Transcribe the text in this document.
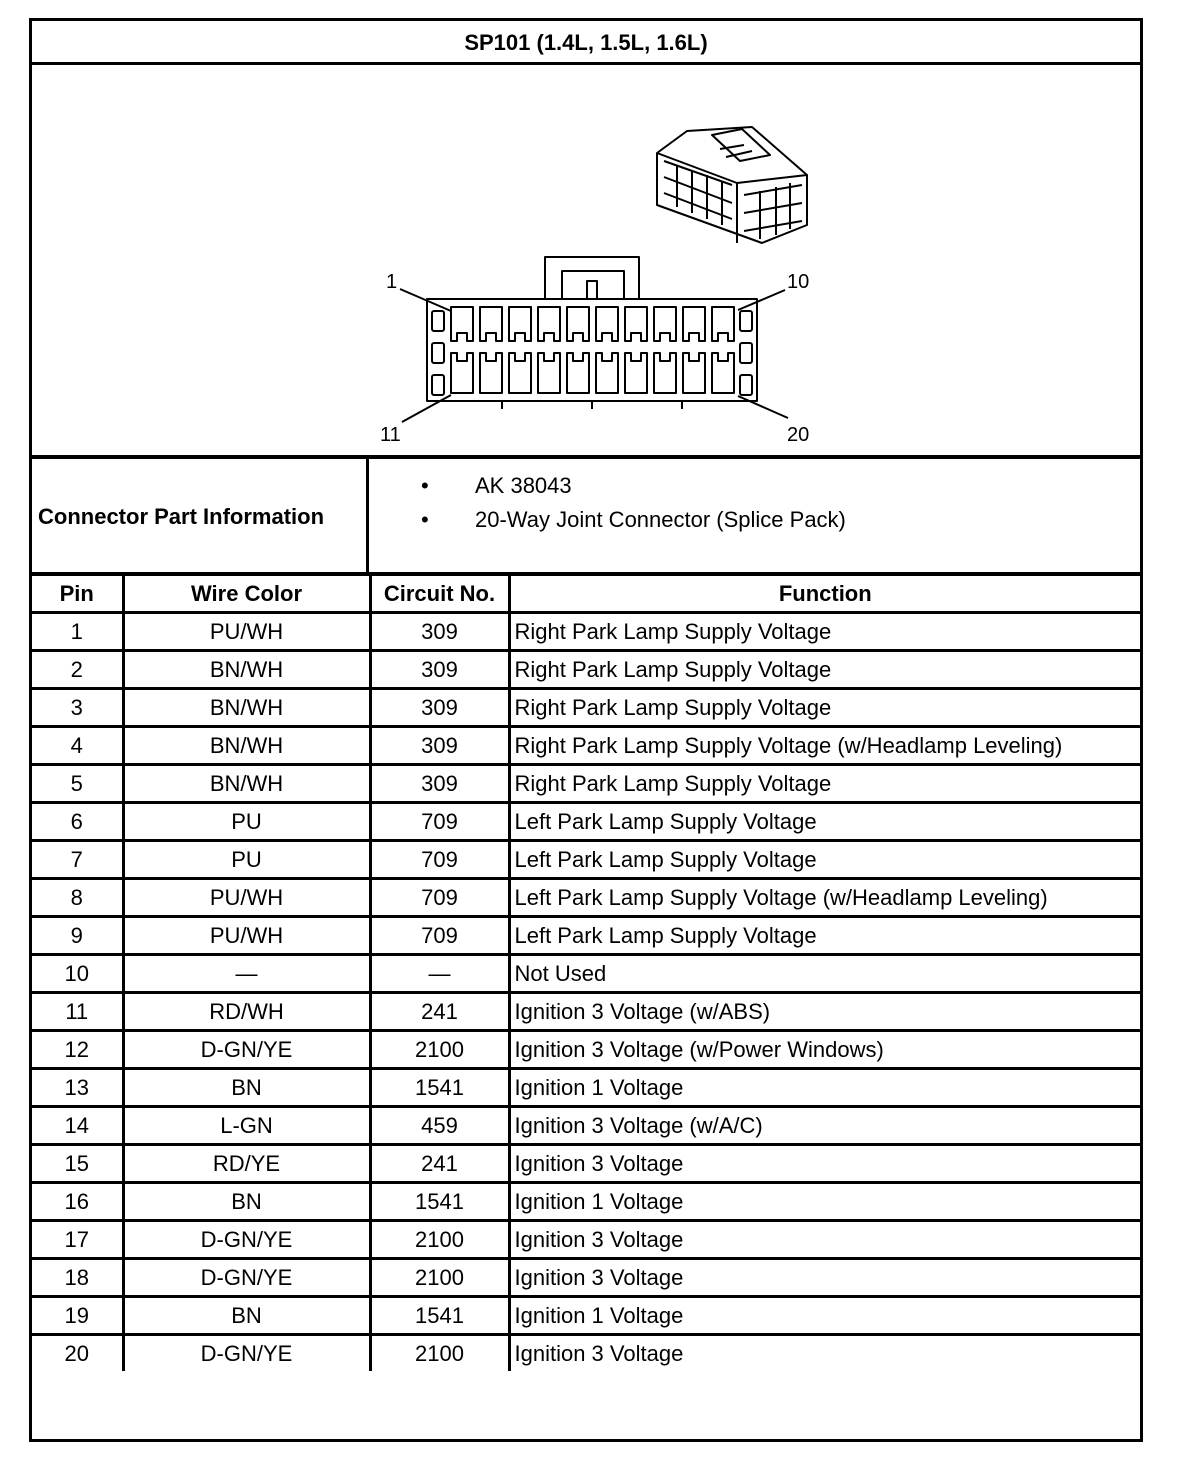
SP101 (1.4L, 1.5L, 1.6L)
1	10
11	20
Connector Part Information
• AK 38043
• 20-Way Joint Connector (Splice Pack)
Pin	Wire Color	Circuit No.	Function
1	PU/WH	309	Right Park Lamp Supply Voltage
2	BN/WH	309	Right Park Lamp Supply Voltage
3	BN/WH	309	Right Park Lamp Supply Voltage
4	BN/WH	309	Right Park Lamp Supply Voltage (w/Headlamp Leveling)
5	BN/WH	309	Right Park Lamp Supply Voltage
6	PU	709	Left Park Lamp Supply Voltage
7	PU	709	Left Park Lamp Supply Voltage
8	PU/WH	709	Left Park Lamp Supply Voltage (w/Headlamp Leveling)
9	PU/WH	709	Left Park Lamp Supply Voltage
10	—	—	Not Used
11	RD/WH	241	Ignition 3 Voltage (w/ABS)
12	D-GN/YE	2100	Ignition 3 Voltage (w/Power Windows)
13	BN	1541	Ignition 1 Voltage
14	L-GN	459	Ignition 3 Voltage (w/A/C)
15	RD/YE	241	Ignition 3 Voltage
16	BN	1541	Ignition 1 Voltage
17	D-GN/YE	2100	Ignition 3 Voltage
18	D-GN/YE	2100	Ignition 3 Voltage
19	BN	1541	Ignition 1 Voltage
20	D-GN/YE	2100	Ignition 3 Voltage
